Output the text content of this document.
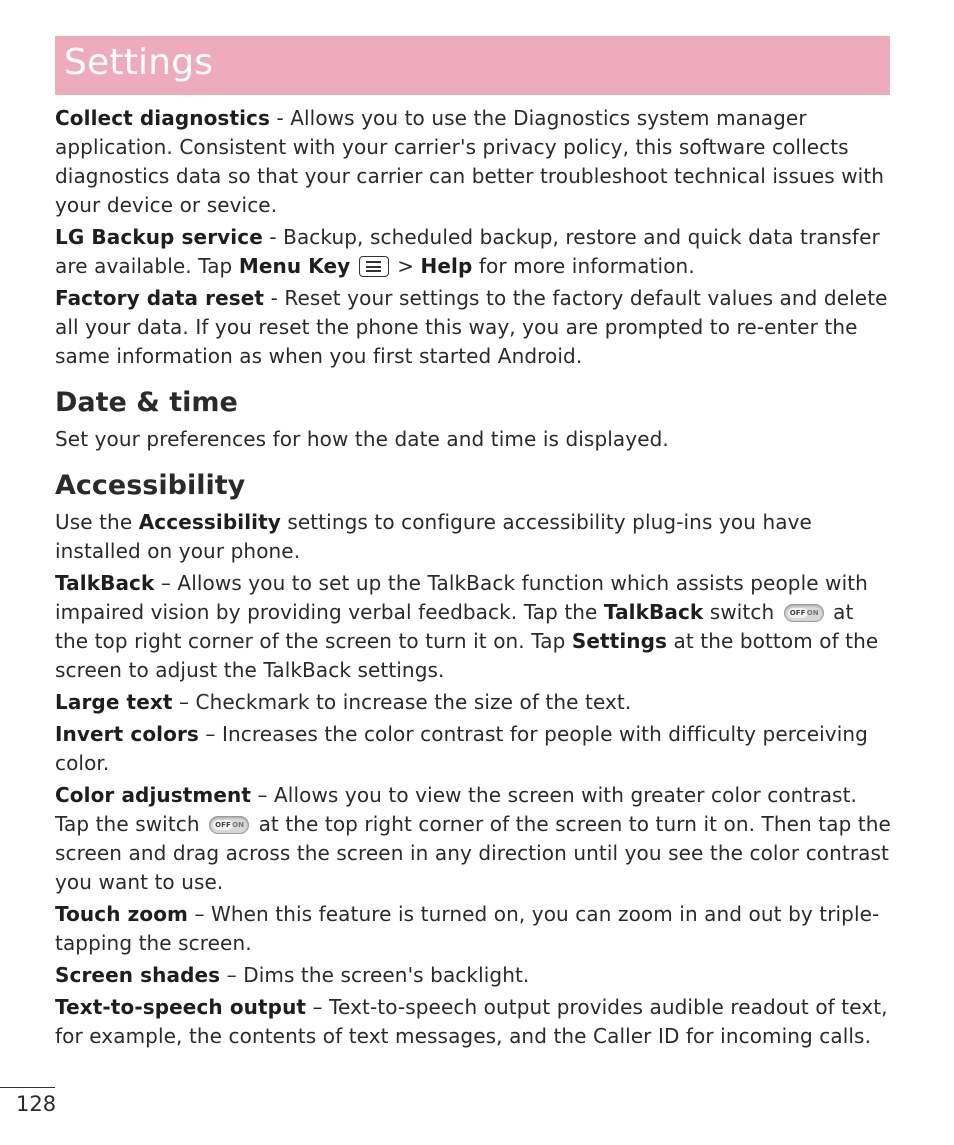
Settings

Collect diagnostics - Allows you to use the Diagnostics system manager application. Consistent with your carrier's privacy policy, this software collects diagnostics data so that your carrier can better troubleshoot technical issues with your device or sevice.

LG Backup service - Backup, scheduled backup, restore and quick data transfer are available. Tap Menu Key
> Help for more information.

Factory data reset - Reset your settings to the factory default values and delete all your data. If you reset the phone this way, you are prompted to re-enter the same information as when you first started Android.

Date & time

Set your preferences for how the date and time is displayed.

Accessibility

Use the Accessibility settings to configure accessibility plug-ins you have installed on your phone.

TalkBack – Allows you to set up the TalkBack function which assists people with impaired vision by providing verbal feedback. Tap the TalkBack switch OFF ON at the top right corner of the screen to turn it on. Tap Settings at the bottom of the screen to adjust the TalkBack settings.

Large text – Checkmark to increase the size of the text.

Invert colors – Increases the color contrast for people with difficulty perceiving color.

Color adjustment – Allows you to view the screen with greater color contrast. Tap the switch OFF ON at the top right corner of the screen to turn it on. Then tap the screen and drag across the screen in any direction until you see the color contrast you want to use.

Touch zoom – When this feature is turned on, you can zoom in and out by triple-tapping the screen.

Screen shades – Dims the screen's backlight.

Text-to-speech output – Text-to-speech output provides audible readout of text, for example, the contents of text messages, and the Caller ID for incoming calls.

128
